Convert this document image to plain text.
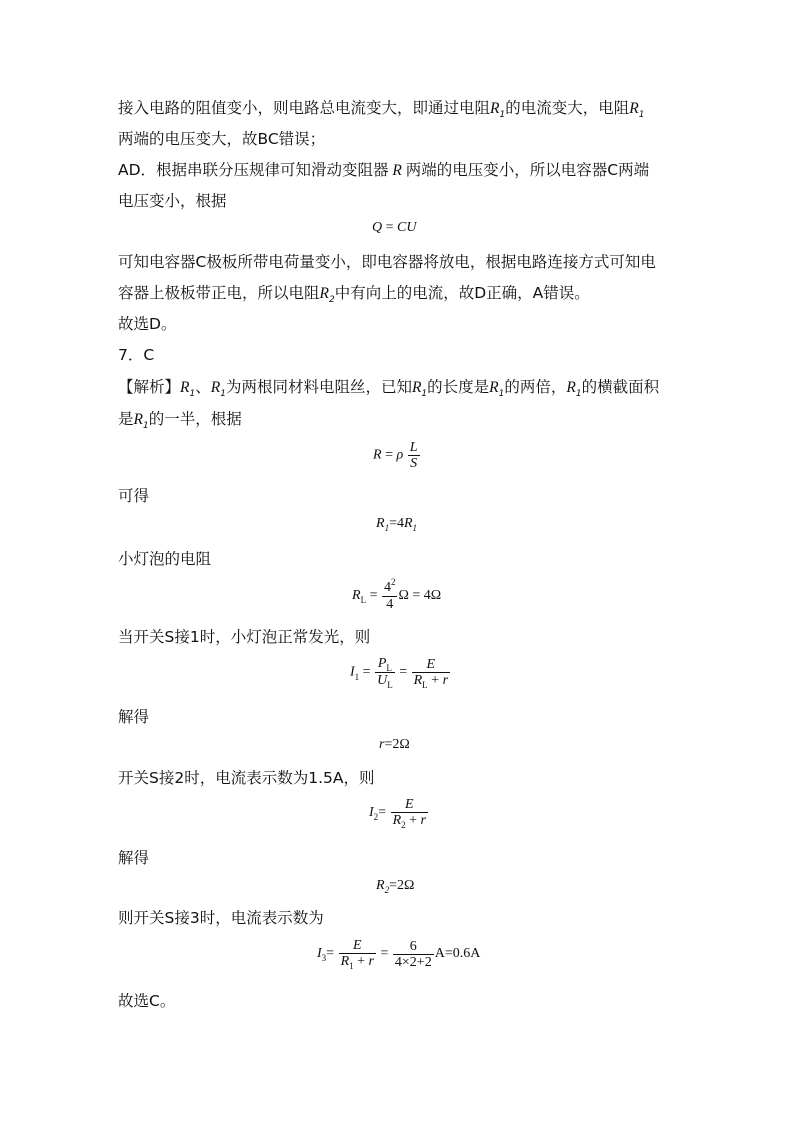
接入电路的阻值变小，则电路总电流变大，即通过电阻$R_1$的电流变大，电阻$R_1$
两端的电压变大，故BC错误；
AD．根据串联分压规律可知滑动变阻器 R 两端的电压变小，所以电容器C两端
电压变小，根据
Q = CU
可知电容器C极板所带电荷量变小，即电容器将放电，根据电路连接方式可知电
容器上极板带正电，所以电阻$R_2$中有向上的电流，故D正确，A错误。
故选D。
7．C
【解析】$R_1$、$R_1$为两根同材料电阻丝，已知$R_1$的长度是$R_1$的两倍，$R_1$的横截面积
是$R_1$的一半，根据
R = ρ $\frac{L}{S}$
可得
$R_1=4R_1$
小灯泡的电阻
$R_L = \frac{4^2}{4}$ Ω = 4Ω
当开关S接1时，小灯泡正常发光，则
$I_1 = \frac{P_L}{U_L} = \frac{E}{R_L + r}$
解得
r=2Ω
开关S接2时，电流表示数为1.5A，则
$I_2= \frac{E}{R_2 + r}$
解得
$R_2=2\Omega$
则开关S接3时，电流表示数为
$I_3= \frac{E}{R_1 + r} = \frac{6}{4\times 2+2} A=0.6A$
故选C。
